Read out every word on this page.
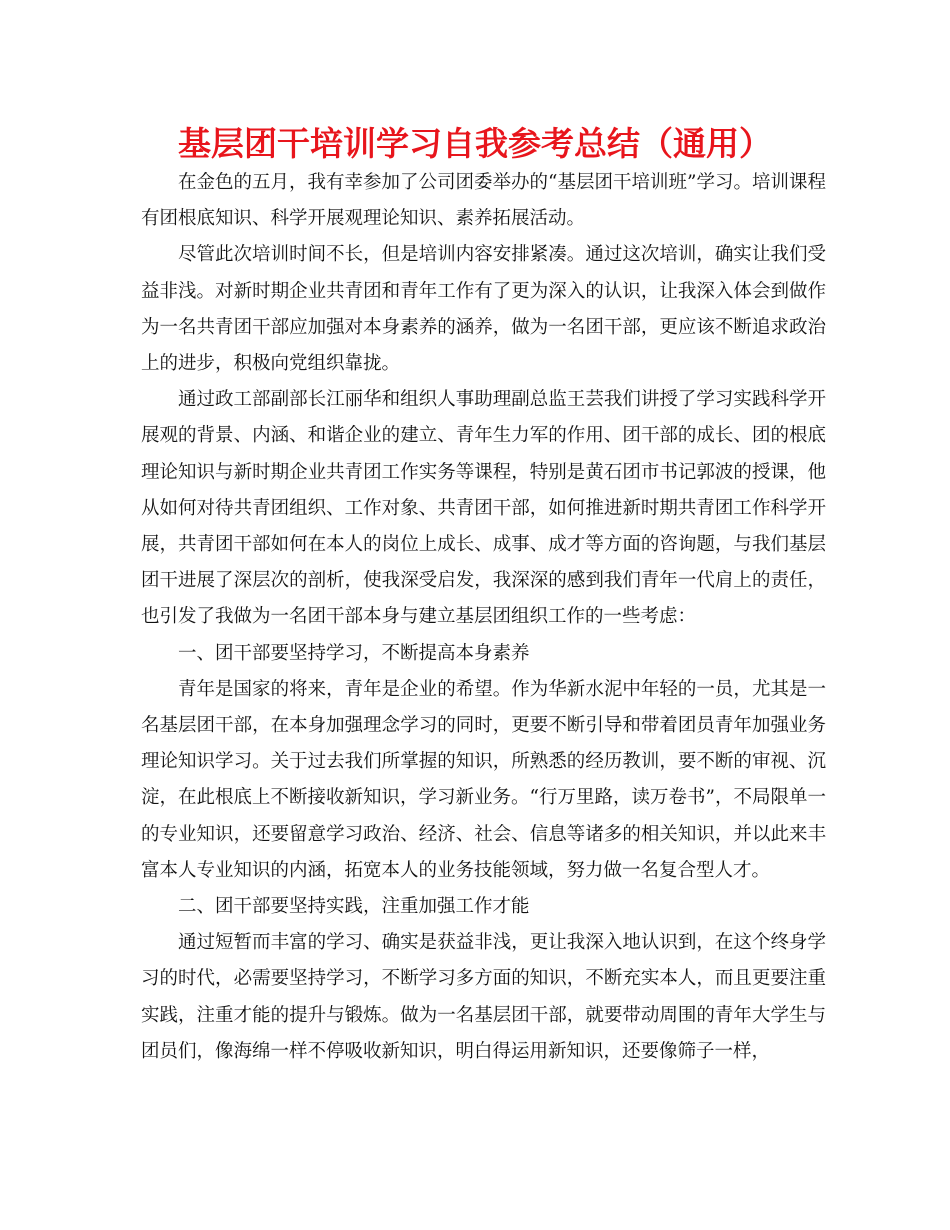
基层团干培训学习自我参考总结（通用）

在金色的五月，我有幸参加了公司团委举办的“基层团干培训班”学习。培训课程有团根底知识、科学开展观理论知识、素养拓展活动。

尽管此次培训时间不长，但是培训内容安排紧凑。通过这次培训，确实让我们受益非浅。对新时期企业共青团和青年工作有了更为深入的认识，让我深入体会到做作为一名共青团干部应加强对本身素养的涵养，做为一名团干部，更应该不断追求政治上的进步，积极向党组织靠拢。

通过政工部副部长江丽华和组织人事助理副总监王芸我们讲授了学习实践科学开展观的背景、内涵、和谐企业的建立、青年生力军的作用、团干部的成长、团的根底理论知识与新时期企业共青团工作实务等课程，特别是黄石团市书记郭波的授课，他从如何对待共青团组织、工作对象、共青团干部，如何推进新时期共青团工作科学开展，共青团干部如何在本人的岗位上成长、成事、成才等方面的咨询题，与我们基层团干进展了深层次的剖析，使我深受启发，我深深的感到我们青年一代肩上的责任，也引发了我做为一名团干部本身与建立基层团组织工作的一些考虑：

一、团干部要坚持学习，不断提高本身素养

青年是国家的将来，青年是企业的希望。作为华新水泥中年轻的一员，尤其是一名基层团干部，在本身加强理念学习的同时，更要不断引导和带着团员青年加强业务理论知识学习。关于过去我们所掌握的知识，所熟悉的经历教训，要不断的审视、沉淀，在此根底上不断接收新知识，学习新业务。“行万里路，读万卷书”，不局限单一的专业知识，还要留意学习政治、经济、社会、信息等诸多的相关知识，并以此来丰富本人专业知识的内涵，拓宽本人的业务技能领域，努力做一名复合型人才。

二、团干部要坚持实践，注重加强工作才能

通过短暂而丰富的学习、确实是获益非浅，更让我深入地认识到，在这个终身学习的时代，必需要坚持学习，不断学习多方面的知识，不断充实本人，而且更要注重实践，注重才能的提升与锻炼。做为一名基层团干部，就要带动周围的青年大学生与团员们，像海绵一样不停吸收新知识，明白得运用新知识，还要像筛子一样，
